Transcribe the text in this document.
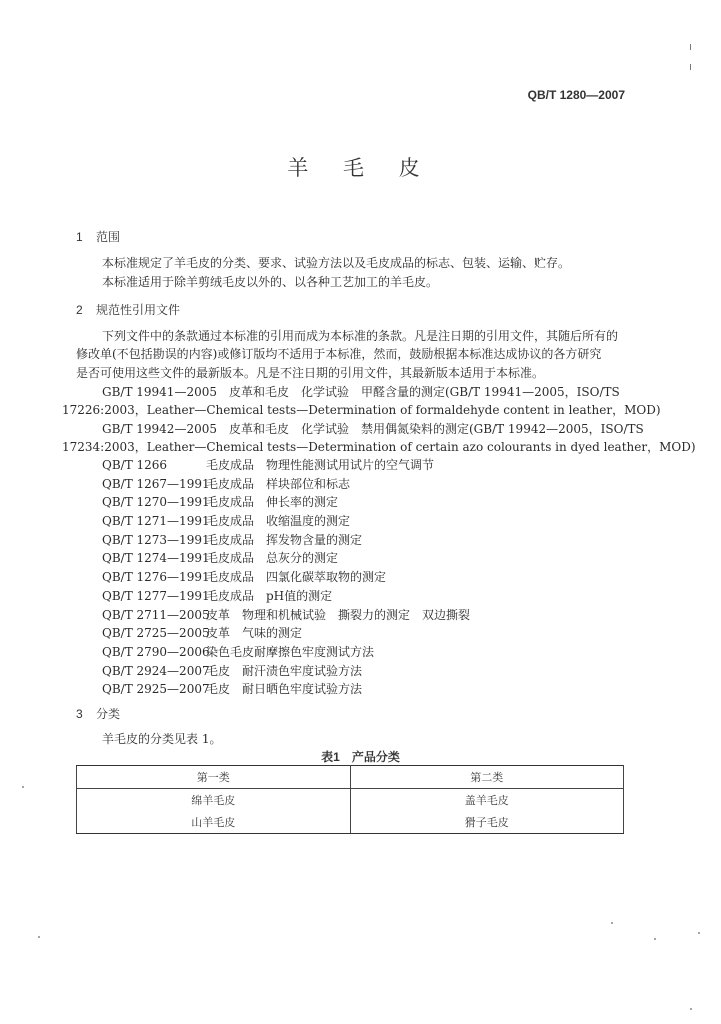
QB/T 1280—2007
羊 毛 皮
1 范围
本标准规定了羊毛皮的分类、要求、试验方法以及毛皮成品的标志、包装、运输、贮存。
本标准适用于除羊剪绒毛皮以外的、以各种工艺加工的羊毛皮。
2 规范性引用文件
下列文件中的条款通过本标准的引用而成为本标准的条款。凡是注日期的引用文件，其随后所有的
修改单(不包括勘误的内容)或修订版均不适用于本标准，然而，鼓励根据本标准达成协议的各方研究
是否可使用这些文件的最新版本。凡是不注日期的引用文件，其最新版本适用于本标准。
GB/T 19941—2005　皮革和毛皮　化学试验　甲醛含量的测定(GB/T 19941—2005，ISO/TS
17226:2003，Leather—Chemical tests—Determination of formaldehyde content in leather，MOD)
GB/T 19942—2005　皮革和毛皮　化学试验　禁用偶氮染料的测定(GB/T 19942—2005，ISO/TS
17234:2003，Leather—Chemical tests—Determination of certain azo colourants in dyed leather，MOD)
QB/T 1266	毛皮成品　物理性能测试用试片的空气调节
QB/T 1267—1991毛皮成品　样块部位和标志
QB/T 1270—1991毛皮成品　伸长率的测定
QB/T 1271—1991毛皮成品　收缩温度的测定
QB/T 1273—1991毛皮成品　挥发物含量的测定
QB/T 1274—1991毛皮成品　总灰分的测定
QB/T 1276—1991毛皮成品　四氯化碳萃取物的测定
QB/T 1277—1991毛皮成品　pH值的测定
QB/T 2711—2005皮革　物理和机械试验　撕裂力的测定　双边撕裂
QB/T 2725—2005皮革　气味的测定
QB/T 2790—2006染色毛皮耐摩擦色牢度测试方法
QB/T 2924—2007毛皮　耐汗渍色牢度试验方法
QB/T 2925—2007毛皮　耐日晒色牢度试验方法
3 分类
羊毛皮的分类见表 1。
表1　产品分类
第一类	第二类
绵羊毛皮	盖羊毛皮
山羊毛皮	猾子毛皮
